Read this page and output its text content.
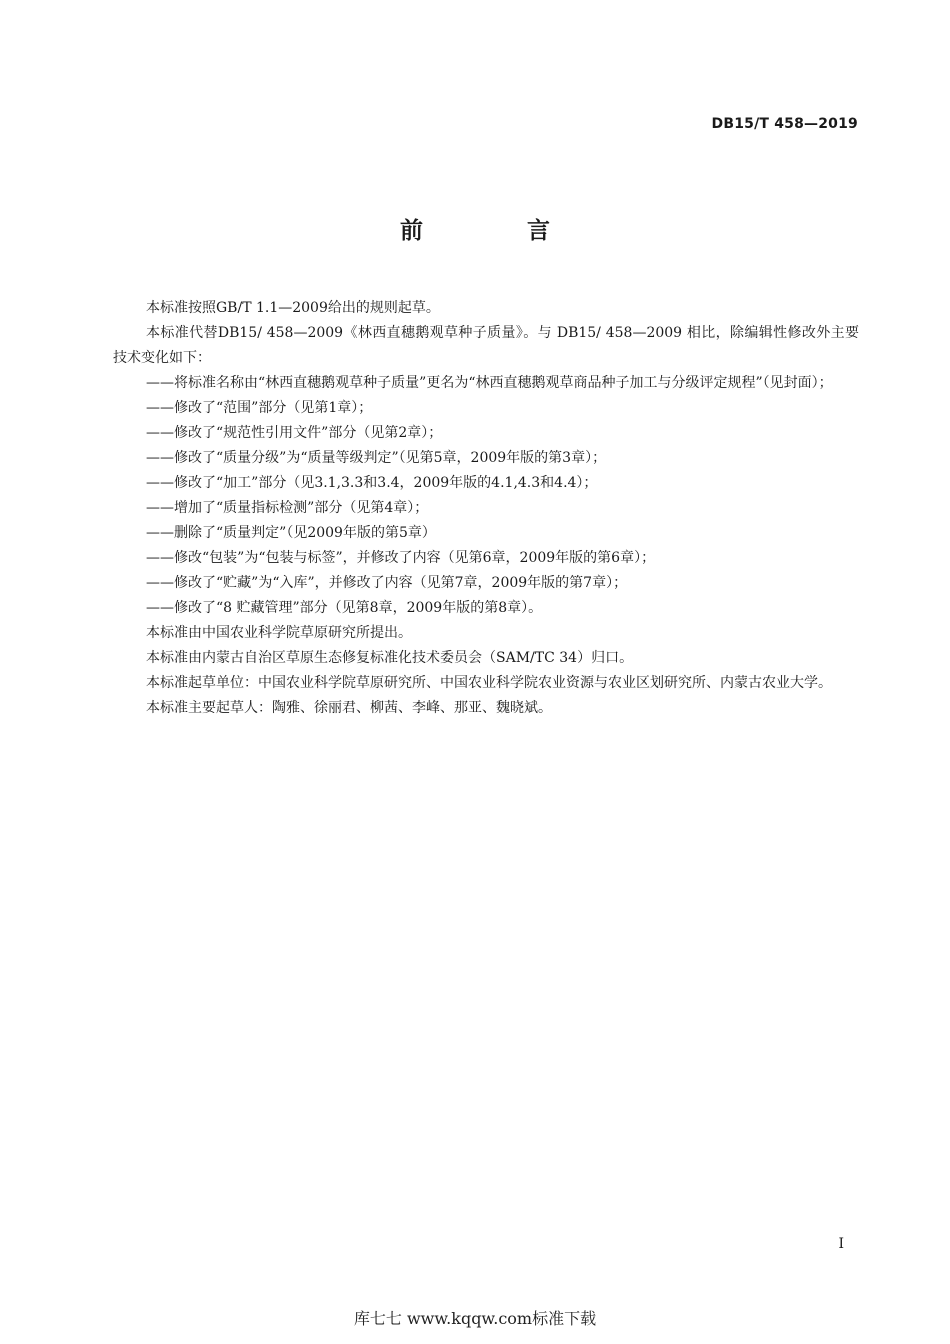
DB15/T 458—2019
前 言

本标准按照GB/T 1.1—2009给出的规则起草。

本标准代替DB15/ 458—2009《林西直穗鹅观草种子质量》。与 DB15/ 458—2009 相比，除编辑性修改外主要技术变化如下：

——将标准名称由“林西直穗鹅观草种子质量”更名为“林西直穗鹅观草商品种子加工与分级评定规程”（见封面）；

——修改了“范围”部分（见第1章）；

——修改了“规范性引用文件”部分（见第2章）；

——修改了“质量分级”为“质量等级判定”（见第5章，2009年版的第3章）；

——修改了“加工”部分（见3.1,3.3和3.4，2009年版的4.1,4.3和4.4）；

——增加了“质量指标检测”部分（见第4章）；

——删除了“质量判定”（见2009年版的第5章）

——修改“包装”为“包装与标签”，并修改了内容（见第6章，2009年版的第6章）；

——修改了“贮藏”为“入库”，并修改了内容（见第7章，2009年版的第7章）；

——修改了“8 贮藏管理”部分（见第8章，2009年版的第8章）。

本标准由中国农业科学院草原研究所提出。

本标准由内蒙古自治区草原生态修复标准化技术委员会（SAM/TC 34）归口。

本标准起草单位：中国农业科学院草原研究所、中国农业科学院农业资源与农业区划研究所、内蒙古农业大学。

本标准主要起草人：陶雅、徐丽君、柳茜、李峰、那亚、魏晓斌。

I
库七七 www.kqqw.com标准下载
